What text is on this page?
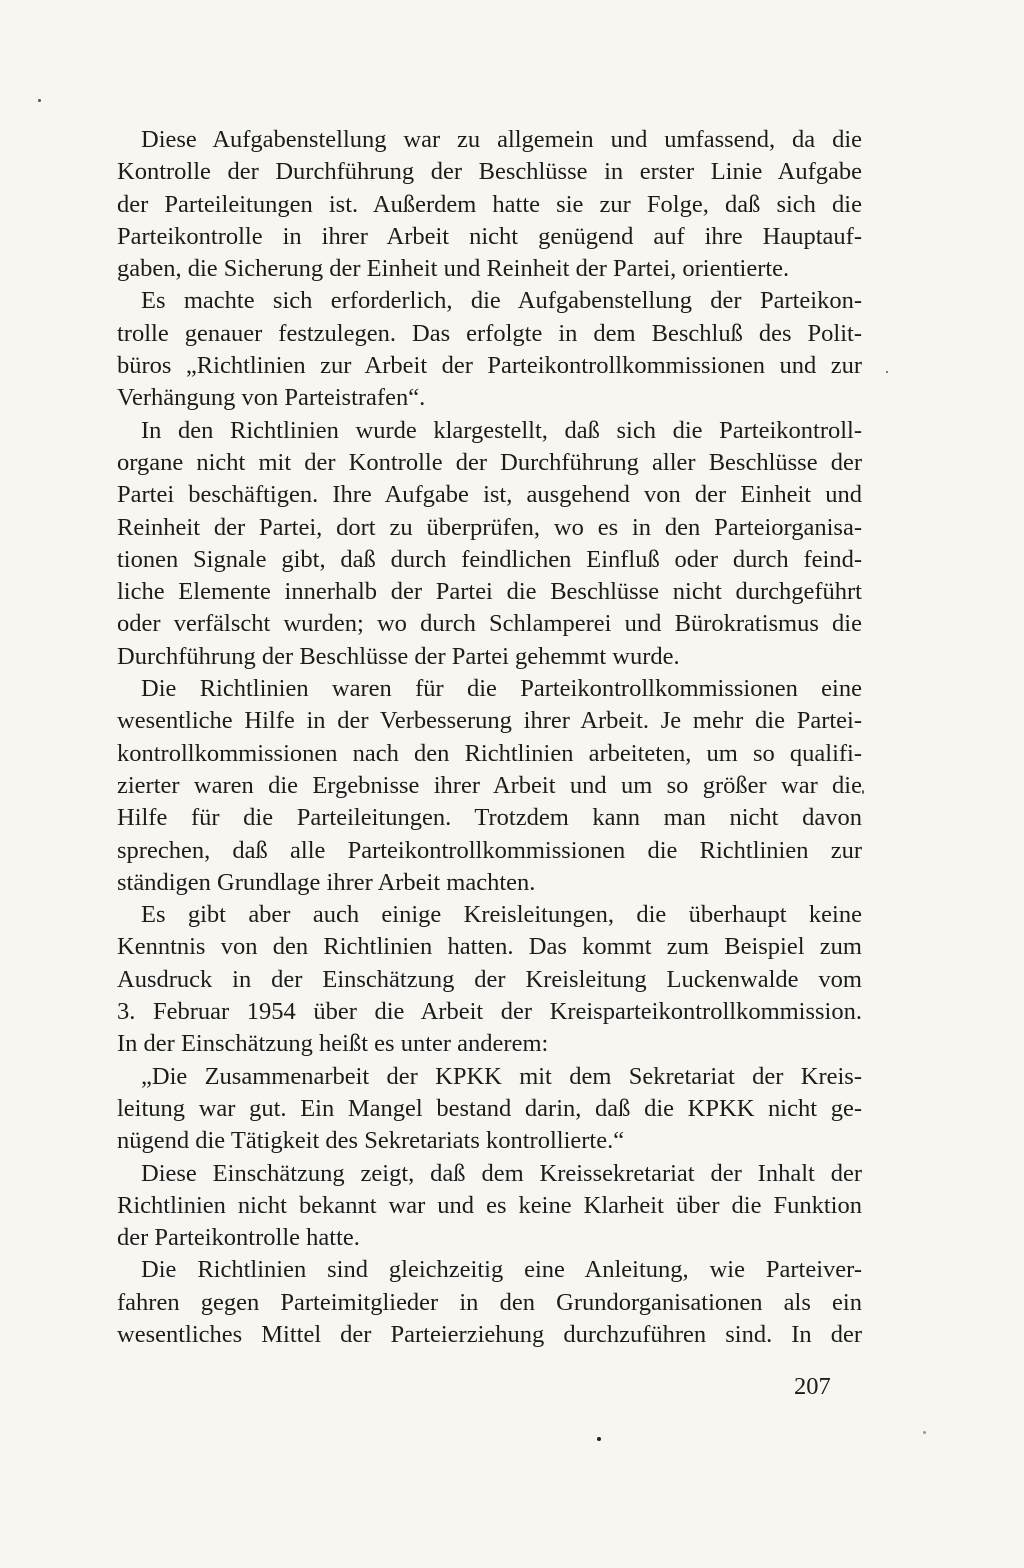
Diese Aufgabenstellung war zu allgemein und umfassend, da die
Kontrolle der Durchführung der Beschlüsse in erster Linie Aufgabe
der Parteileitungen ist. Außerdem hatte sie zur Folge, daß sich die
Parteikontrolle in ihrer Arbeit nicht genügend auf ihre Hauptauf-
gaben, die Sicherung der Einheit und Reinheit der Partei, orientierte.

Es machte sich erforderlich, die Aufgabenstellung der Parteikon-
trolle genauer festzulegen. Das erfolgte in dem Beschluß des Polit-
büros „Richtlinien zur Arbeit der Parteikontrollkommissionen und zur
Verhängung von Parteistrafen“.

In den Richtlinien wurde klargestellt, daß sich die Parteikontroll-
organe nicht mit der Kontrolle der Durchführung aller Beschlüsse der
Partei beschäftigen. Ihre Aufgabe ist, ausgehend von der Einheit und
Reinheit der Partei, dort zu überprüfen, wo es in den Parteiorganisa-
tionen Signale gibt, daß durch feindlichen Einfluß oder durch feind-
liche Elemente innerhalb der Partei die Beschlüsse nicht durchgeführt
oder verfälscht wurden; wo durch Schlamperei und Bürokratismus die
Durchführung der Beschlüsse der Partei gehemmt wurde.

Die Richtlinien waren für die Parteikontrollkommissionen eine
wesentliche Hilfe in der Verbesserung ihrer Arbeit. Je mehr die Partei-
kontrollkommissionen nach den Richtlinien arbeiteten, um so qualifi-
zierter waren die Ergebnisse ihrer Arbeit und um so größer war die
Hilfe für die Parteileitungen. Trotzdem kann man nicht davon
sprechen, daß alle Parteikontrollkommissionen die Richtlinien zur
ständigen Grundlage ihrer Arbeit machten.

Es gibt aber auch einige Kreisleitungen, die überhaupt keine
Kenntnis von den Richtlinien hatten. Das kommt zum Beispiel zum
Ausdruck in der Einschätzung der Kreisleitung Luckenwalde vom
3. Februar 1954 über die Arbeit der Kreisparteikontrollkommission.
In der Einschätzung heißt es unter anderem:

„Die Zusammenarbeit der KPKK mit dem Sekretariat der Kreis-
leitung war gut. Ein Mangel bestand darin, daß die KPKK nicht ge-
nügend die Tätigkeit des Sekretariats kontrollierte.“

Diese Einschätzung zeigt, daß dem Kreissekretariat der Inhalt der
Richtlinien nicht bekannt war und es keine Klarheit über die Funktion
der Parteikontrolle hatte.

Die Richtlinien sind gleichzeitig eine Anleitung, wie Parteiver-
fahren gegen Parteimitglieder in den Grundorganisationen als ein
wesentliches Mittel der Parteierziehung durchzuführen sind. In der

207
